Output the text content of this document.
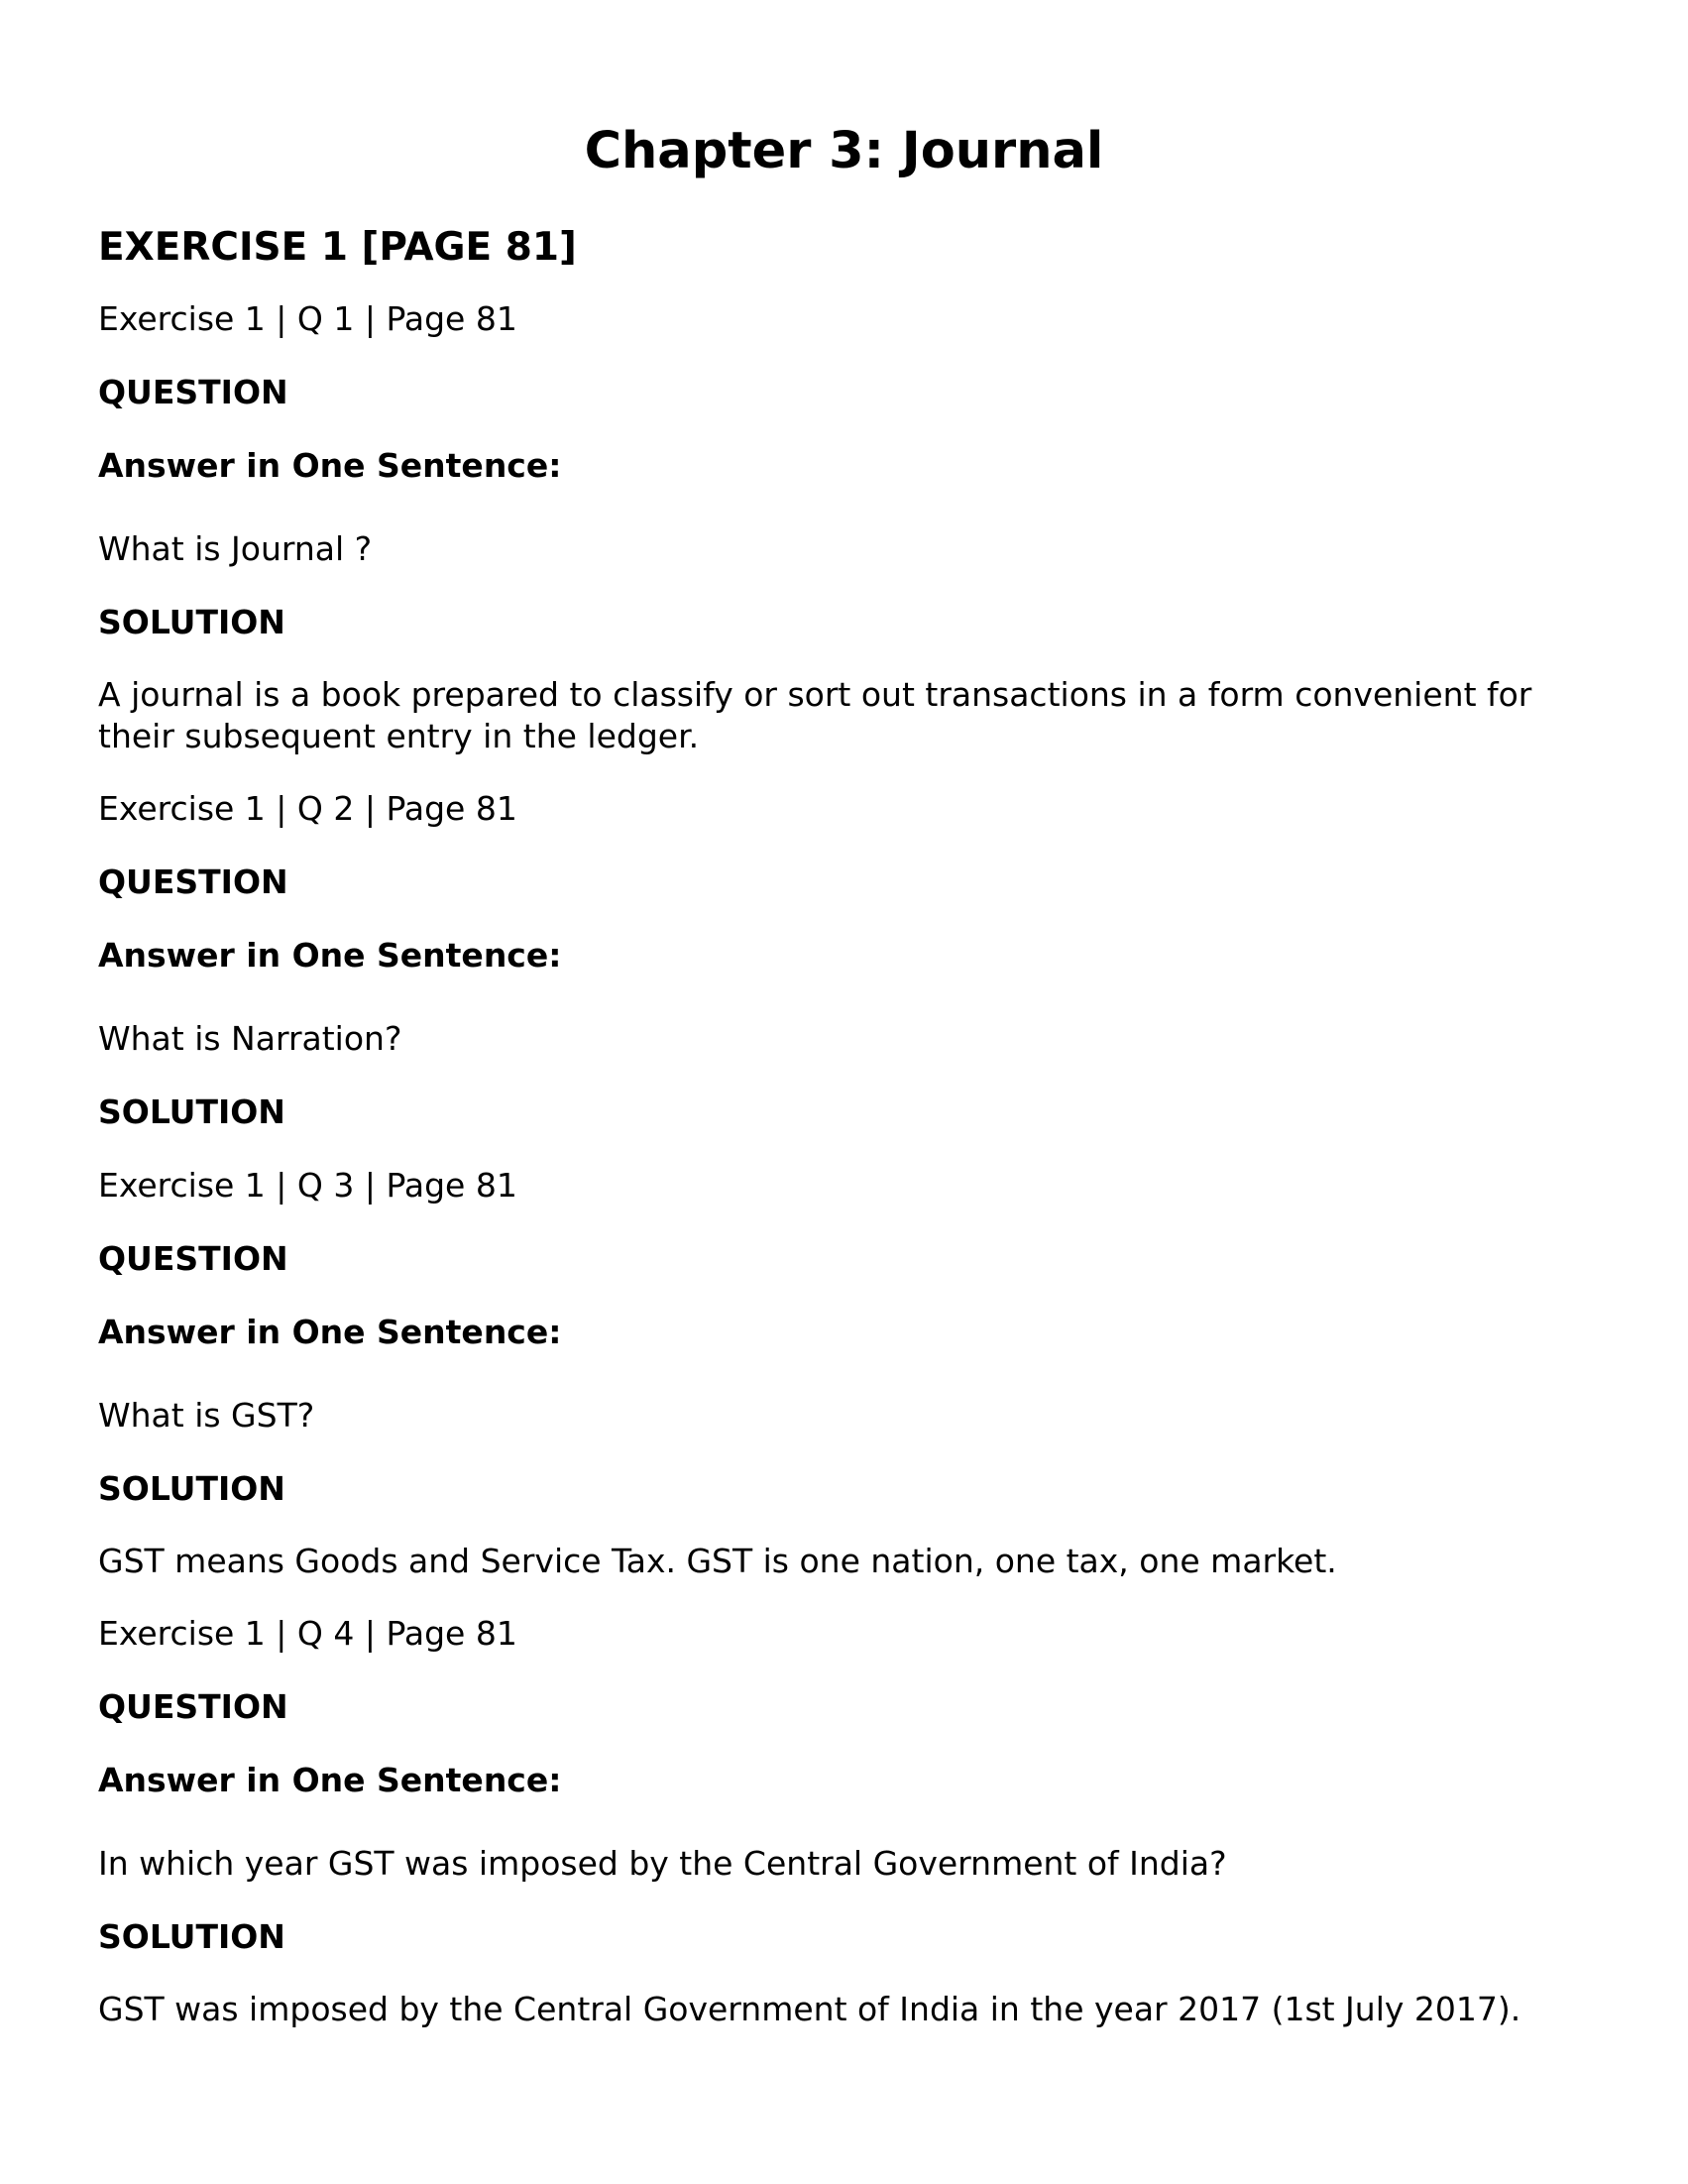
Chapter 3: Journal
EXERCISE 1 [PAGE 81]

Exercise 1 | Q 1 | Page 81

QUESTION

Answer in One Sentence:

What is Journal ?

SOLUTION

A journal is a book prepared to classify or sort out transactions in a form convenient for their subsequent entry in the ledger.

Exercise 1 | Q 2 | Page 81

QUESTION

Answer in One Sentence:

What is Narration?

SOLUTION

Exercise 1 | Q 3 | Page 81

QUESTION

Answer in One Sentence:

What is GST?

SOLUTION

GST means Goods and Service Tax. GST is one nation, one tax, one market.

Exercise 1 | Q 4 | Page 81

QUESTION

Answer in One Sentence:

In which year GST was imposed by the Central Government of India?

SOLUTION

GST was imposed by the Central Government of India in the year 2017 (1st July 2017).
